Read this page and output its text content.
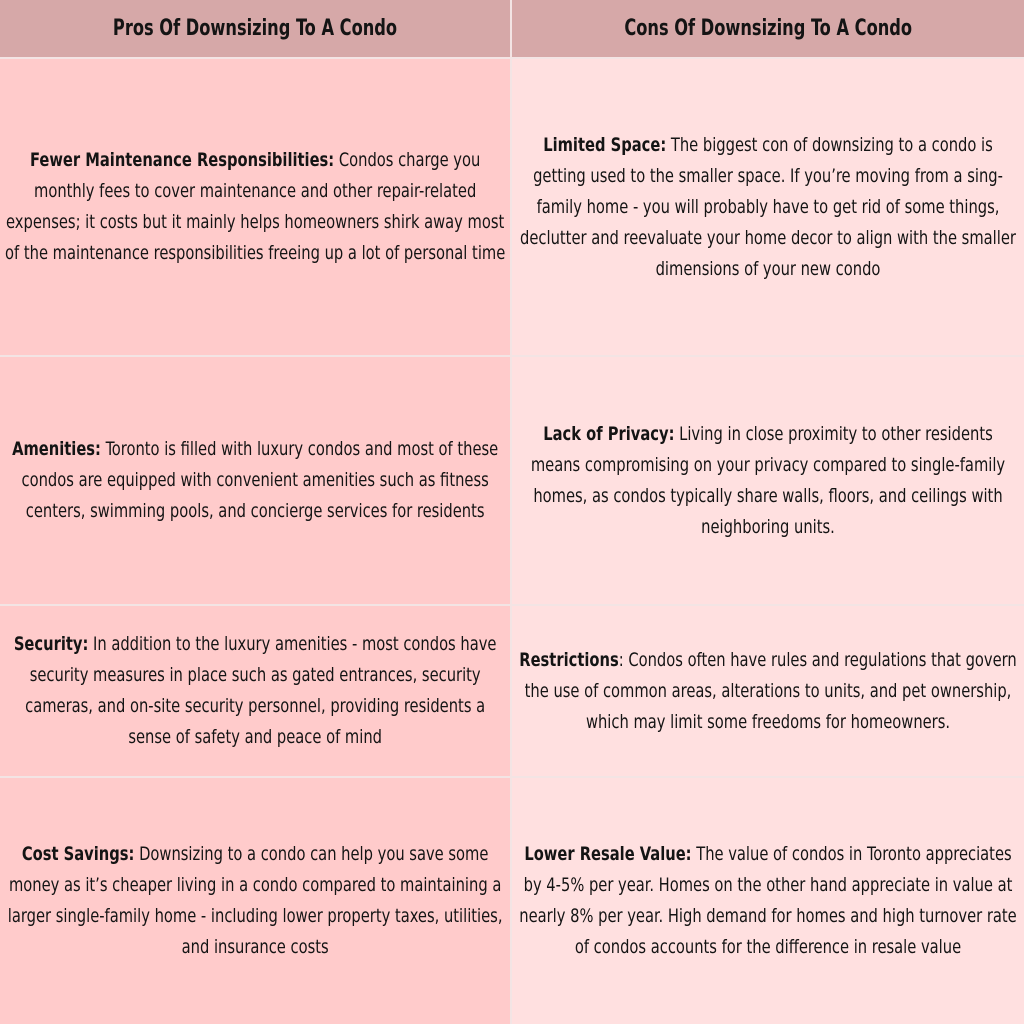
Pros Of Downsizing To A Condo	Cons Of Downsizing To A Condo
Fewer Maintenance Responsibilities: Condos charge you monthly fees to cover maintenance and other repair-related expenses; it costs but it mainly helps homeowners shirk away most of the maintenance responsibilities freeing up a lot of personal time
Limited Space: The biggest con of downsizing to a condo is getting used to the smaller space. If you’re moving from a sing-family home - you will probably have to get rid of some things, declutter and reevaluate your home decor to align with the smaller dimensions of your new condo
Amenities: Toronto is filled with luxury condos and most of these condos are equipped with convenient amenities such as fitness centers, swimming pools, and concierge services for residents
Lack of Privacy: Living in close proximity to other residents means compromising on your privacy compared to single-family homes, as condos typically share walls, floors, and ceilings with neighboring units.
Security: In addition to the luxury amenities - most condos have security measures in place such as gated entrances, security cameras, and on-site security personnel, providing residents a sense of safety and peace of mind
Restrictions: Condos often have rules and regulations that govern the use of common areas, alterations to units, and pet ownership, which may limit some freedoms for homeowners.
Cost Savings: Downsizing to a condo can help you save some money as it’s cheaper living in a condo compared to maintaining a larger single-family home - including lower property taxes, utilities, and insurance costs
Lower Resale Value: The value of condos in Toronto appreciates by 4-5% per year. Homes on the other hand appreciate in value at nearly 8% per year. High demand for homes and high turnover rate of condos accounts for the difference in resale value
